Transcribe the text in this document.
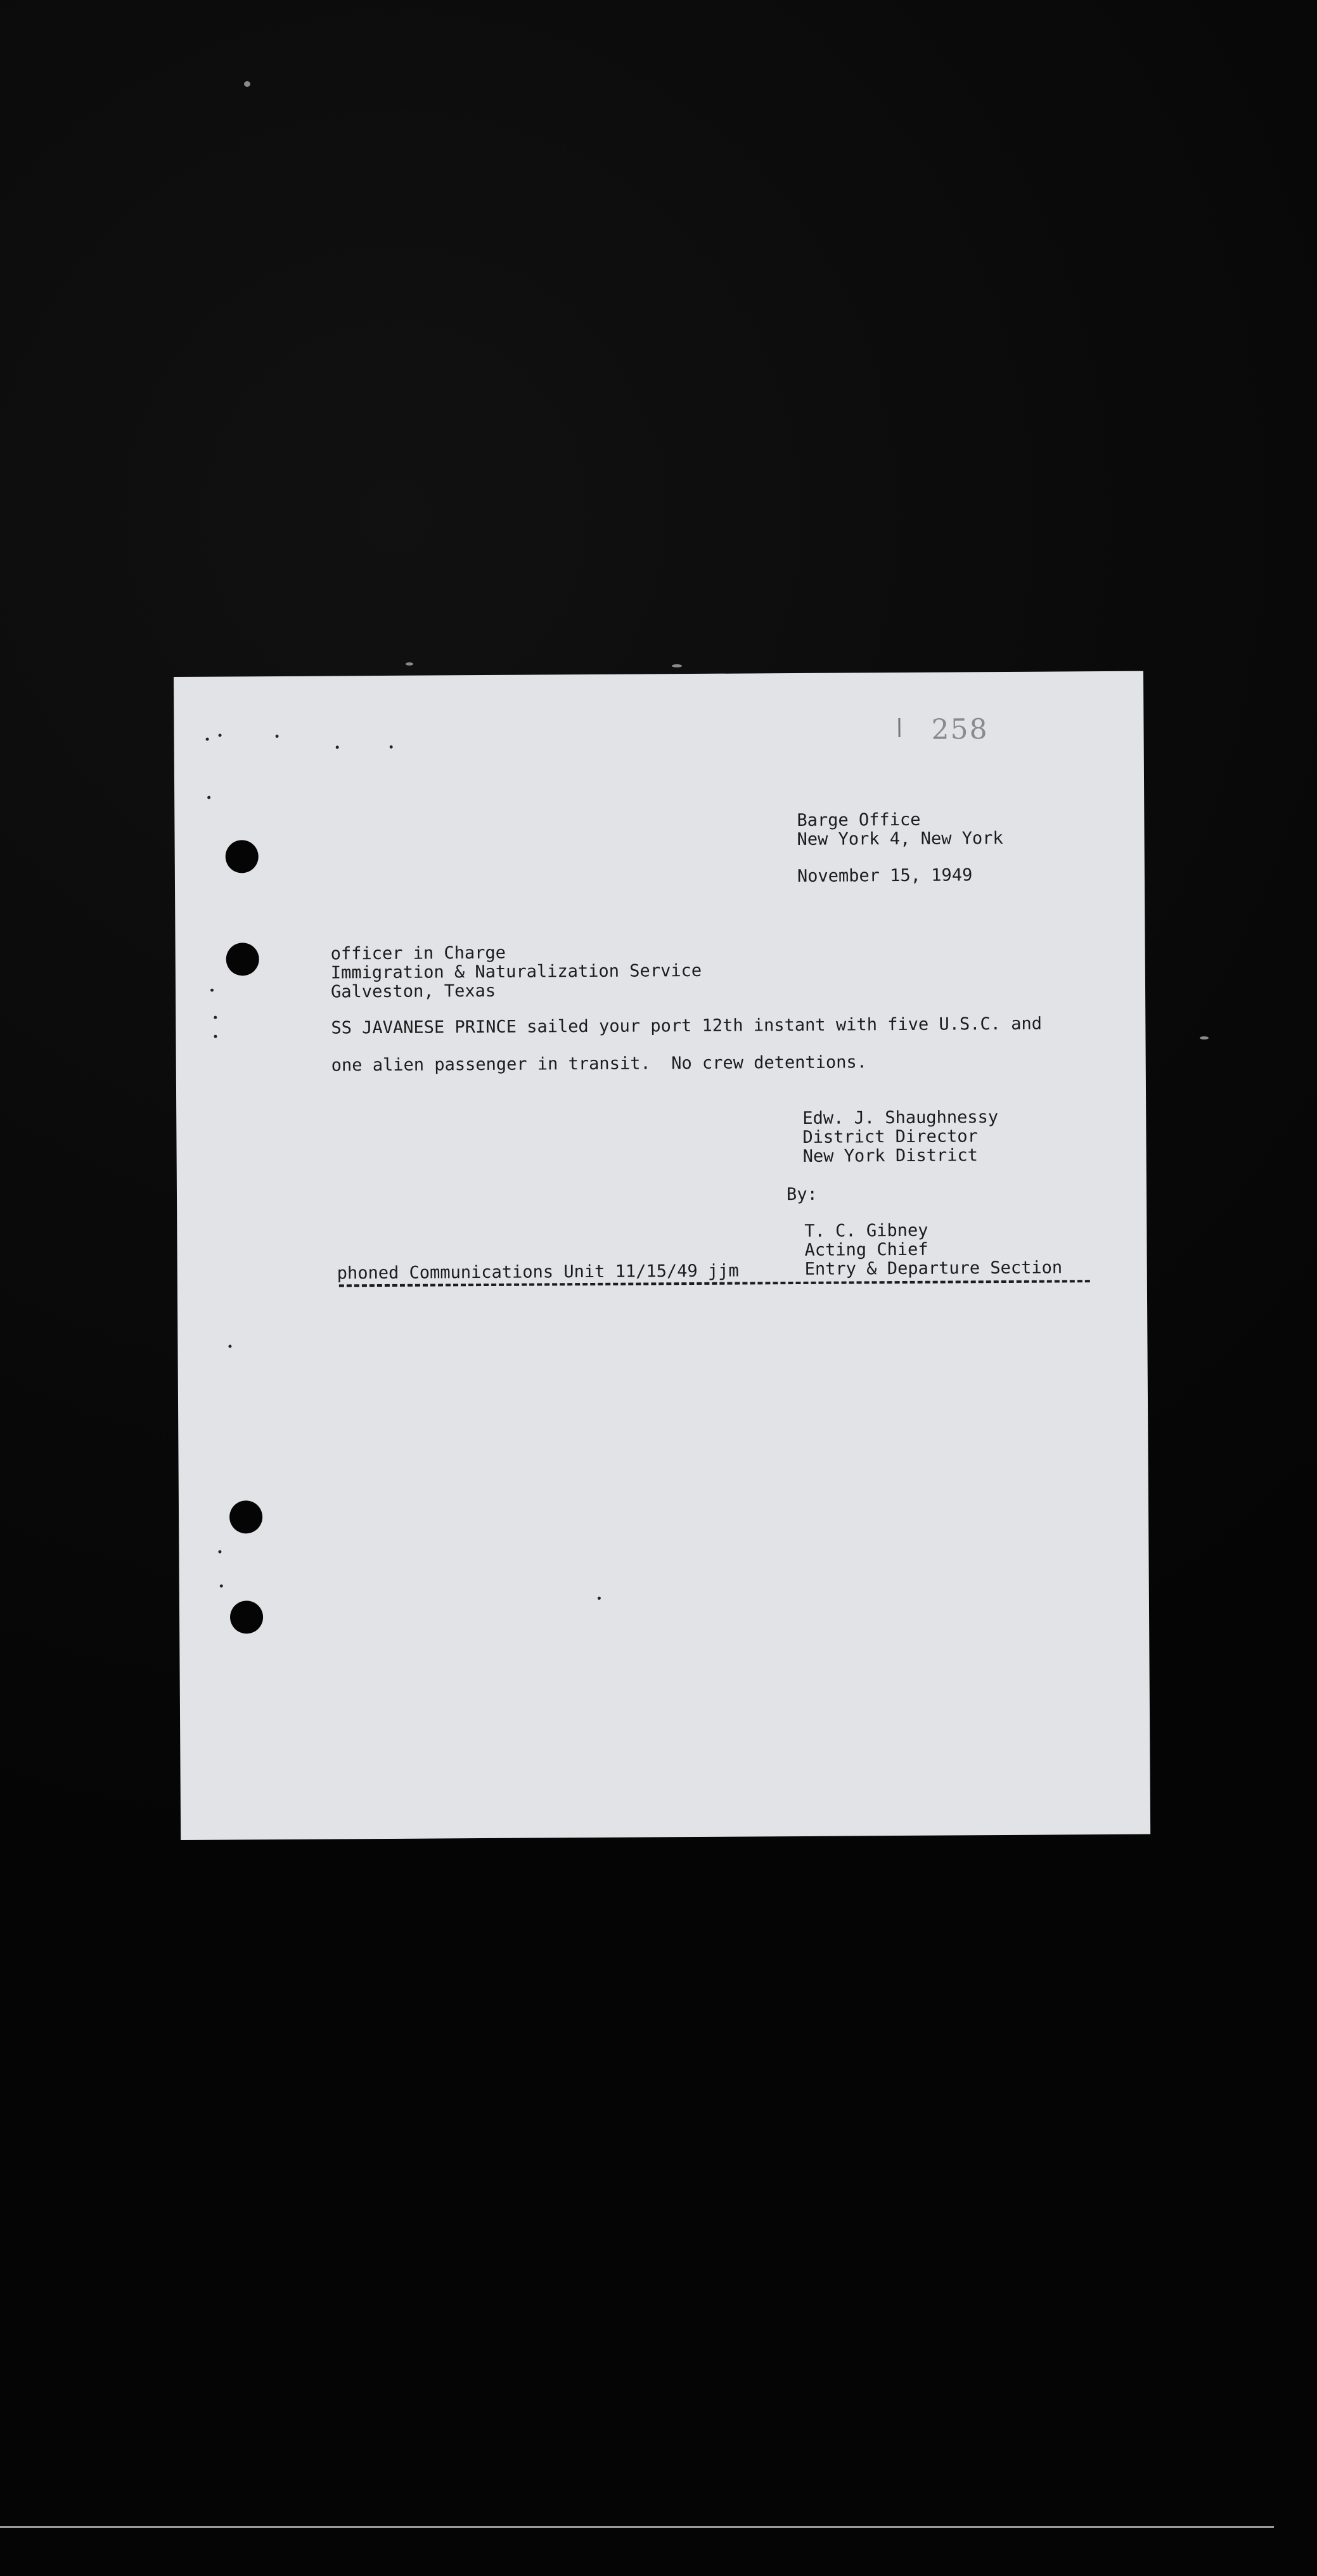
258
Barge Office
New York 4, New York
November 15, 1949
officer in Charge
Immigration & Naturalization Service
Galveston, Texas
SS JAVANESE PRINCE sailed your port 12th instant with five U.S.C. and
one alien passenger in transit.  No crew detentions.
Edw. J. Shaughnessy
District Director
New York District
By:
T. C. Gibney
Acting Chief
Entry & Departure Section
phoned Communications Unit 11/15/49 jjm
